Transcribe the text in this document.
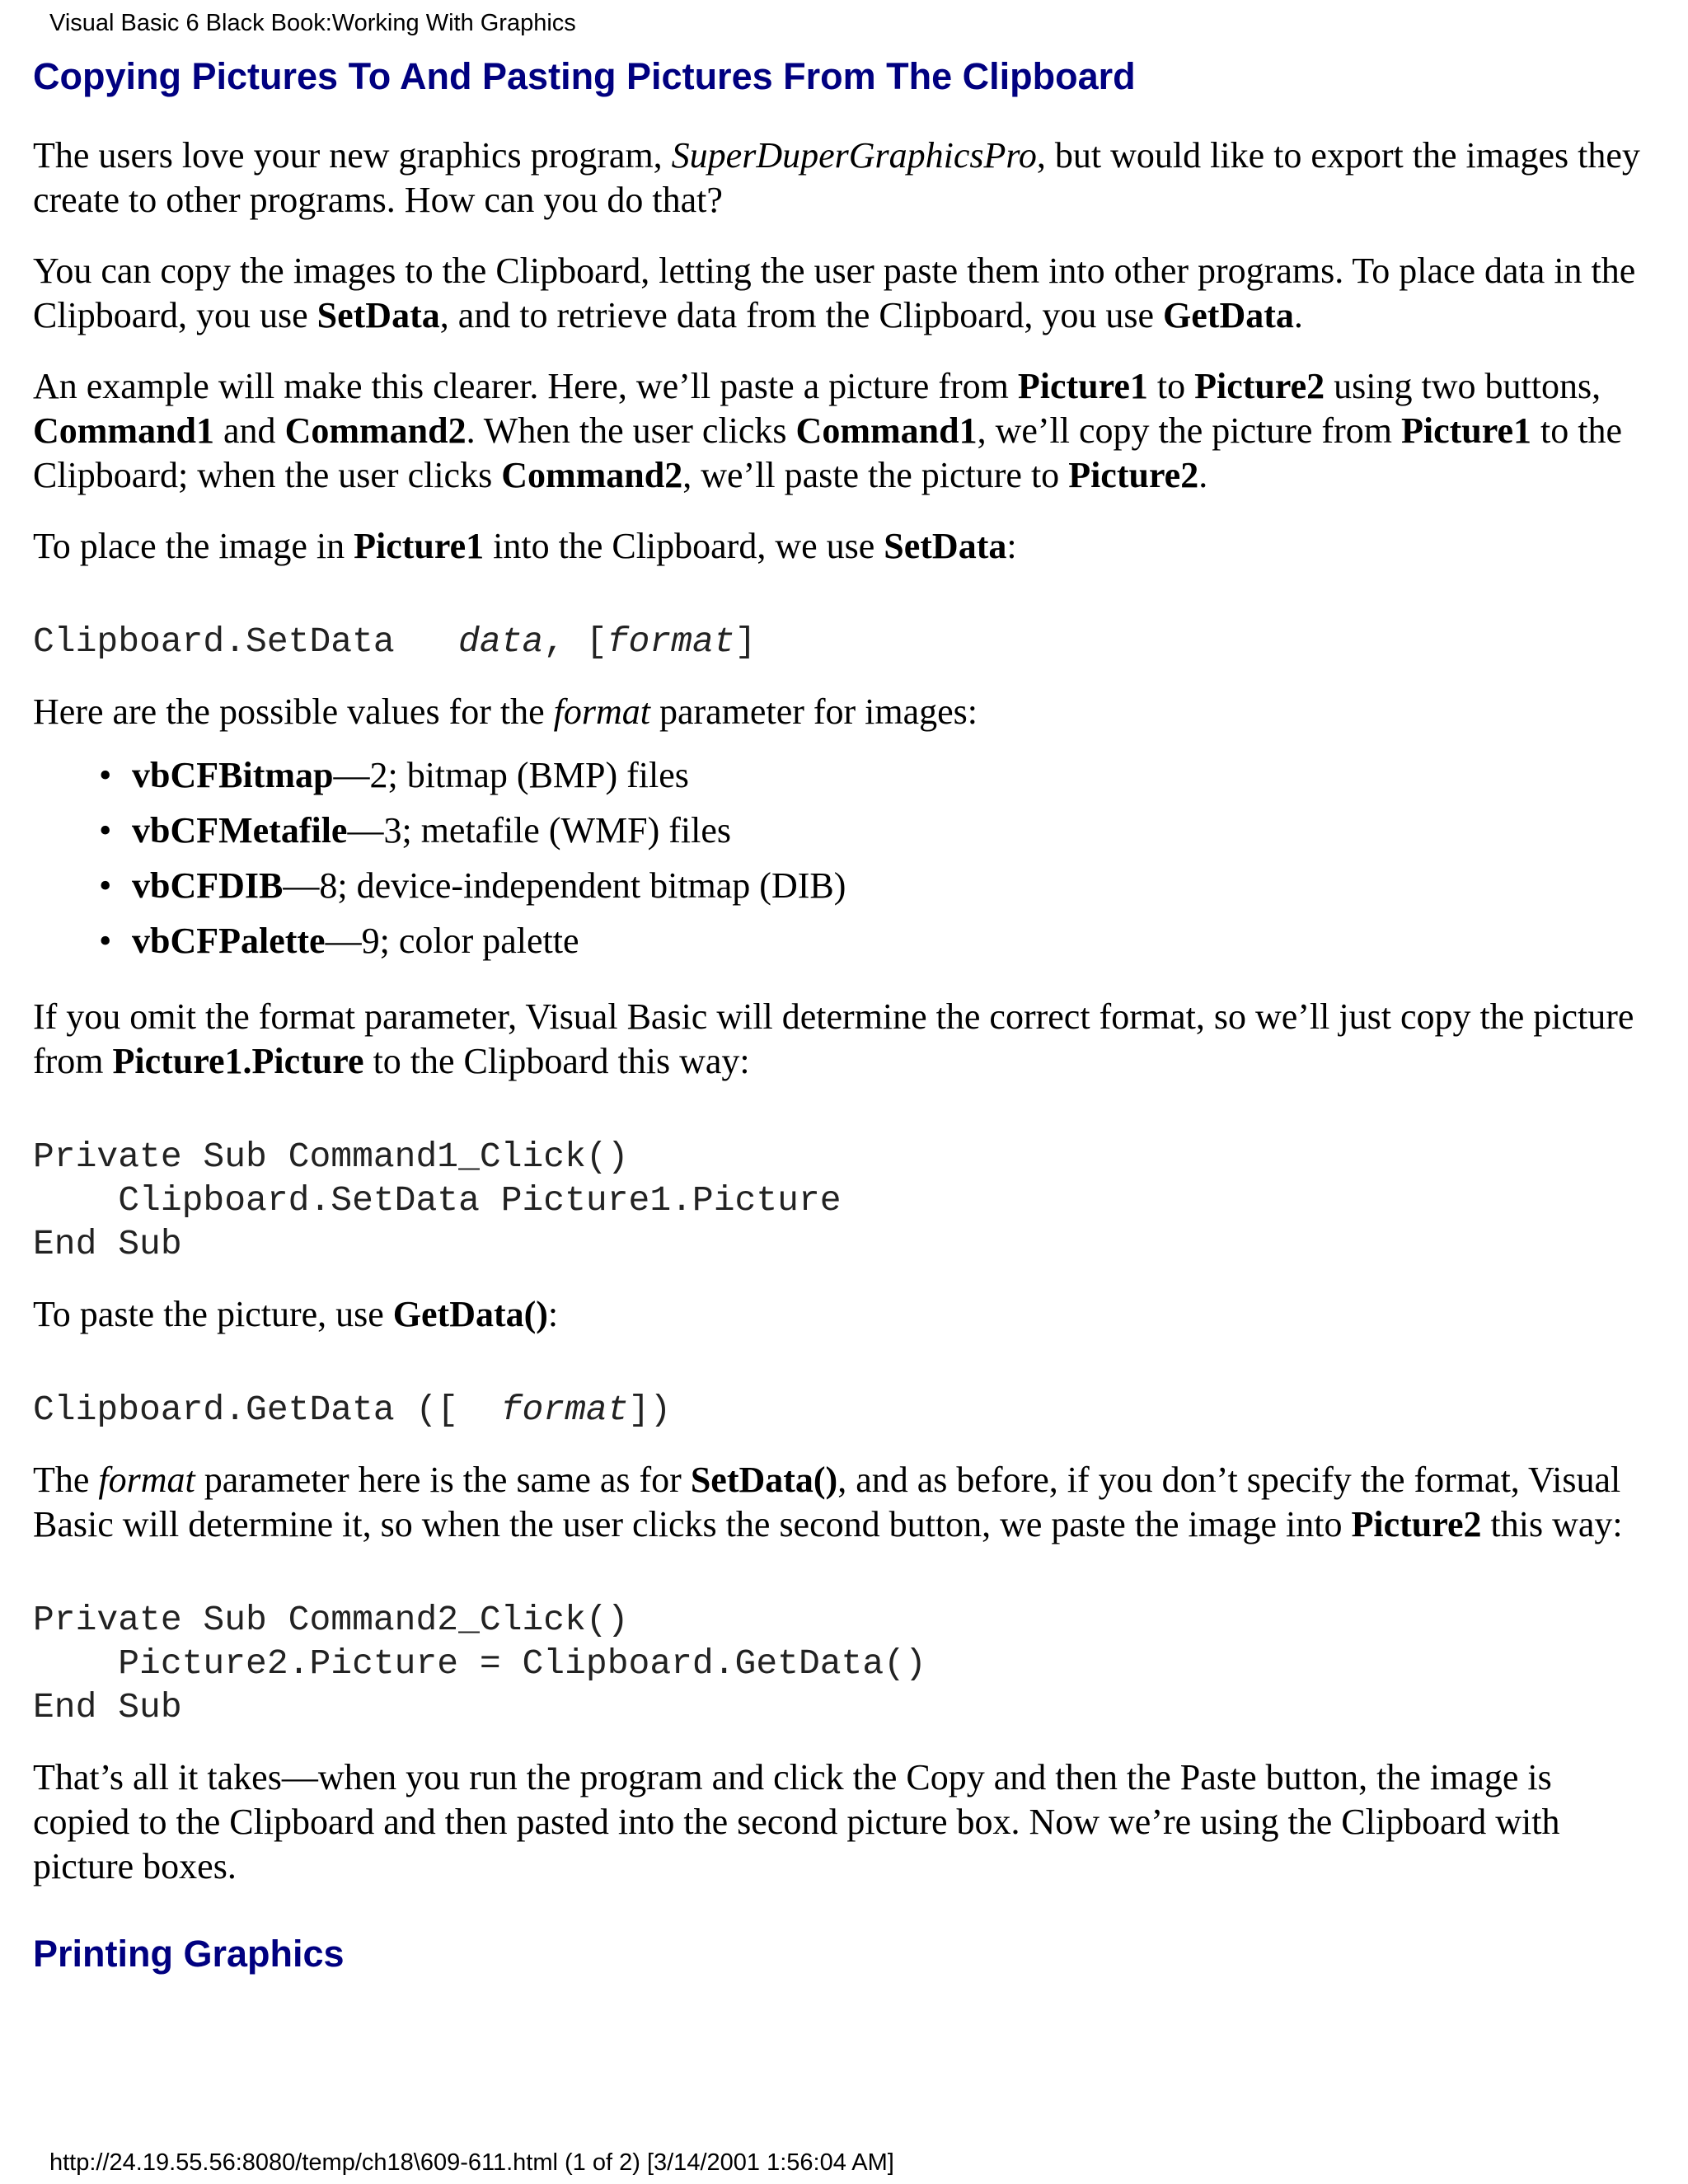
Visual Basic 6 Black Book:Working With Graphics
Copying Pictures To And Pasting Pictures From The Clipboard

The users love your new graphics program, SuperDuperGraphicsPro, but would like to export the images they create to other programs. How can you do that?

You can copy the images to the Clipboard, letting the user paste them into other programs. To place data in the Clipboard, you use SetData, and to retrieve data from the Clipboard, you use GetData.

An example will make this clearer. Here, we’ll paste a picture from Picture1 to Picture2 using two buttons, Command1 and Command2. When the user clicks Command1, we’ll copy the picture from Picture1 to the Clipboard; when the user clicks Command2, we’ll paste the picture to Picture2.

To place the image in Picture1 into the Clipboard, we use SetData:

Clipboard.SetData   data, [format]

Here are the possible values for the format parameter for images:

• vbCFBitmap—2; bitmap (BMP) files
• vbCFMetafile—3; metafile (WMF) files
• vbCFDIB—8; device-independent bitmap (DIB)
• vbCFPalette—9; color palette

If you omit the format parameter, Visual Basic will determine the correct format, so we’ll just copy the picture from Picture1.Picture to the Clipboard this way:

Private Sub Command1_Click()
Clipboard.SetData Picture1.Picture
End Sub

To paste the picture, use GetData():

Clipboard.GetData ([  format])

The format parameter here is the same as for SetData(), and as before, if you don’t specify the format, Visual Basic will determine it, so when the user clicks the second button, we paste the image into Picture2 this way:

Private Sub Command2_Click()
Picture2.Picture = Clipboard.GetData()
End Sub

That’s all it takes—when you run the program and click the Copy and then the Paste button, the image is copied to the Clipboard and then pasted into the second picture box. Now we’re using the Clipboard with picture boxes.

Printing Graphics
http://24.19.55.56:8080/temp/ch18\609-611.html (1 of 2) [3/14/2001 1:56:04 AM]
